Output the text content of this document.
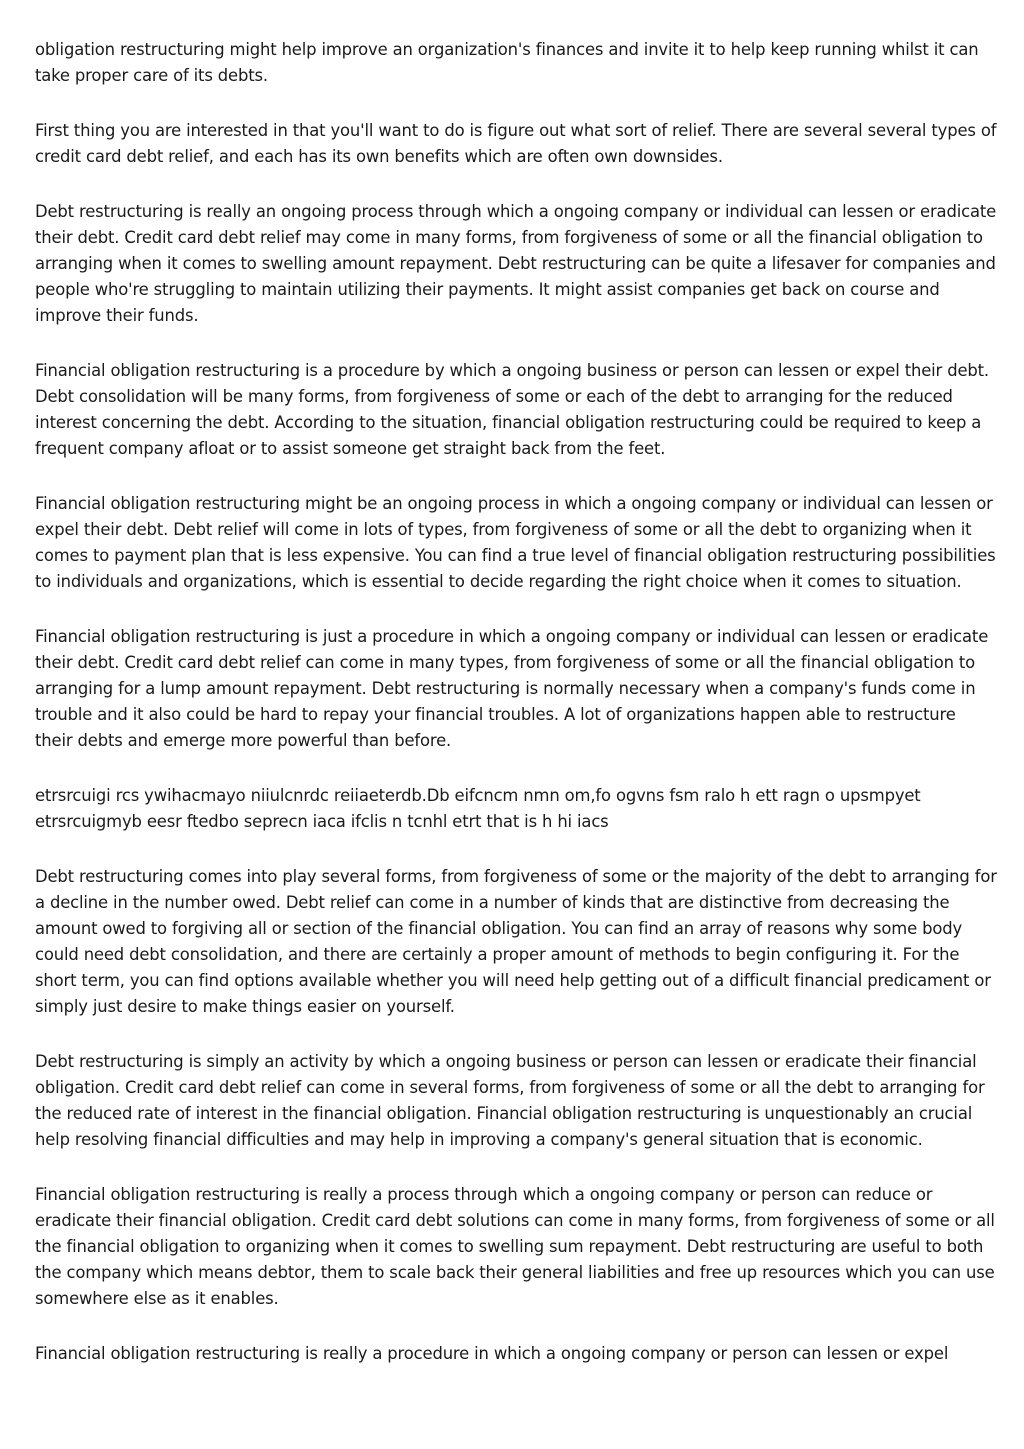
obligation restructuring might help improve an organization's finances and invite it to help keep running whilst it can take proper care of its debts.

First thing you are interested in that you'll want to do is figure out what sort of relief. There are several several types of credit card debt relief, and each has its own benefits which are often own downsides.

Debt restructuring is really an ongoing process through which a ongoing company or individual can lessen or eradicate their debt. Credit card debt relief may come in many forms, from forgiveness of some or all the financial obligation to arranging when it comes to swelling amount repayment. Debt restructuring can be quite a lifesaver for companies and people who're struggling to maintain utilizing their payments. It might assist companies get back on course and improve their funds.

Financial obligation restructuring is a procedure by which a ongoing business or person can lessen or expel their debt. Debt consolidation will be many forms, from forgiveness of some or each of the debt to arranging for the reduced interest concerning the debt. According to the situation, financial obligation restructuring could be required to keep a frequent company afloat or to assist someone get straight back from the feet.

Financial obligation restructuring might be an ongoing process in which a ongoing company or individual can lessen or expel their debt. Debt relief will come in lots of types, from forgiveness of some or all the debt to organizing when it comes to payment plan that is less expensive. You can find a true level of financial obligation restructuring possibilities to individuals and organizations, which is essential to decide regarding the right choice when it comes to situation.

Financial obligation restructuring is just a procedure in which a ongoing company or individual can lessen or eradicate their debt. Credit card debt relief can come in many types, from forgiveness of some or all the financial obligation to arranging for a lump amount repayment. Debt restructuring is normally necessary when a company's funds come in trouble and it also could be hard to repay your financial troubles. A lot of organizations happen able to restructure their debts and emerge more powerful than before.

etrsrcuigi rcs ywihacmayo niiulcnrdc reiiaeterdb.Db eifcncm nmn om,fo ogvns fsm ralo h ett ragn o upsmpyet etrsrcuigmyb eesr ftedbo seprecn iaca ifclis n tcnhl etrt that is h hi iacs

Debt restructuring comes into play several forms, from forgiveness of some or the majority of the debt to arranging for a decline in the number owed. Debt relief can come in a number of kinds that are distinctive from decreasing the amount owed to forgiving all or section of the financial obligation. You can find an array of reasons why some body could need debt consolidation, and there are certainly a proper amount of methods to begin configuring it. For the short term, you can find options available whether you will need help getting out of a difficult financial predicament or simply just desire to make things easier on yourself.

Debt restructuring is simply an activity by which a ongoing business or person can lessen or eradicate their financial obligation. Credit card debt relief can come in several forms, from forgiveness of some or all the debt to arranging for the reduced rate of interest in the financial obligation. Financial obligation restructuring is unquestionably an crucial help resolving financial difficulties and may help in improving a company's general situation that is economic.

Financial obligation restructuring is really a process through which a ongoing company or person can reduce or eradicate their financial obligation. Credit card debt solutions can come in many forms, from forgiveness of some or all the financial obligation to organizing when it comes to swelling sum repayment. Debt restructuring are useful to both the company which means debtor, them to scale back their general liabilities and free up resources which you can use somewhere else as it enables.

Financial obligation restructuring is really a procedure in which a ongoing company or person can lessen or expel
